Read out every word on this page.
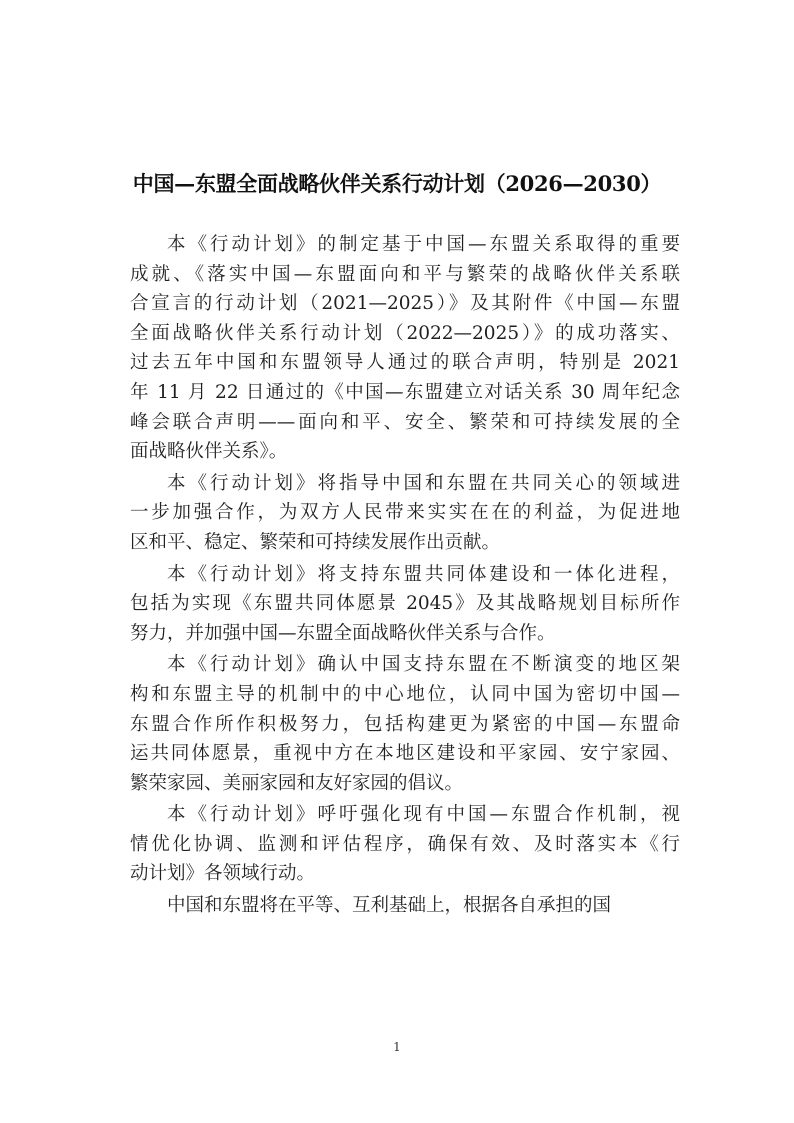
中国—东盟全面战略伙伴关系行动计划（2026—2030）
本《行动计划》的制定基于中国—东盟关系取得的重要
成就、《落实中国—东盟面向和平与繁荣的战略伙伴关系联
合宣言的行动计划（2021—2025）》及其附件《中国—东盟
全面战略伙伴关系行动计划（2022—2025）》的成功落实、
过去五年中国和东盟领导人通过的联合声明，特别是 2021
年 11 月 22 日通过的《中国—东盟建立对话关系 30 周年纪念
峰会联合声明——面向和平、安全、繁荣和可持续发展的全
面战略伙伴关系》。
本《行动计划》将指导中国和东盟在共同关心的领域进
一步加强合作，为双方人民带来实实在在的利益，为促进地
区和平、稳定、繁荣和可持续发展作出贡献。
本《行动计划》将支持东盟共同体建设和一体化进程，
包括为实现《东盟共同体愿景 2045》及其战略规划目标所作
努力，并加强中国—东盟全面战略伙伴关系与合作。
本《行动计划》确认中国支持东盟在不断演变的地区架
构和东盟主导的机制中的中心地位，认同中国为密切中国—
东盟合作所作积极努力，包括构建更为紧密的中国—东盟命
运共同体愿景，重视中方在本地区建设和平家园、安宁家园、
繁荣家园、美丽家园和友好家园的倡议。
本《行动计划》呼吁强化现有中国—东盟合作机制，视
情优化协调、监测和评估程序，确保有效、及时落实本《行
动计划》各领域行动。
中国和东盟将在平等、互利基础上，根据各自承担的国
1
